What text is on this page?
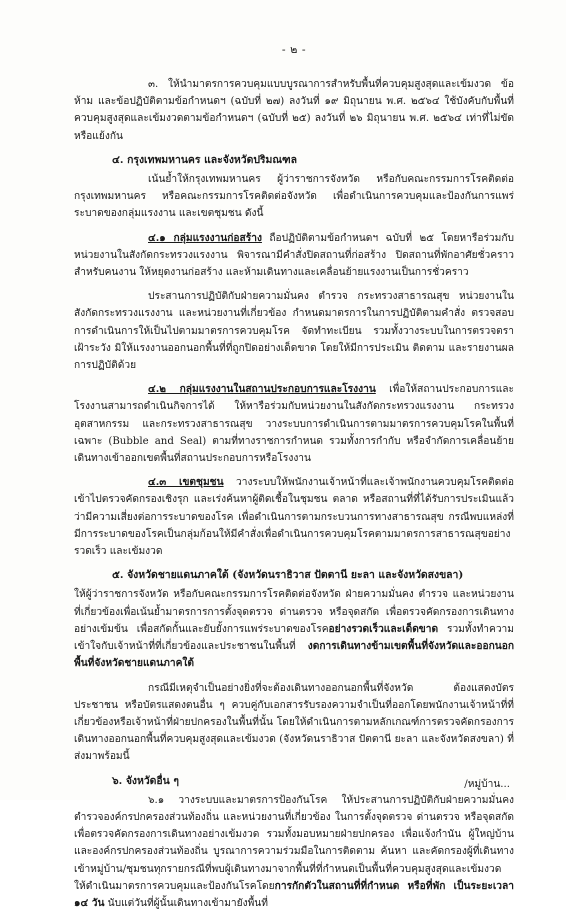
- ๒ -

๓. ให้นำมาตรการควบคุมแบบบูรณาการสำหรับพื้นที่ควบคุมสูงสุดและเข้มงวด ข้อห้าม และข้อปฏิบัติตามข้อกำหนดฯ (ฉบับที่ ๒๗) ลงวันที่ ๑๙ มิถุนายน พ.ศ. ๒๕๖๔ ใช้บังคับกับพื้นที่ควบคุมสูงสุดและเข้มงวดตามข้อกำหนดฯ (ฉบับที่ ๒๕) ลงวันที่ ๒๖ มิถุนายน พ.ศ. ๒๕๖๔ เท่าที่ไม่ขัดหรือแย้งกัน

๔. กรุงเทพมหานคร และจังหวัดปริมณฑล

เน้นย้ำให้กรุงเทพมหานคร ผู้ว่าราชการจังหวัด หรือกับคณะกรรมการโรคติดต่อกรุงเทพมหานคร หรือคณะกรรมการโรคติดต่อจังหวัด เพื่อดำเนินการควบคุมและป้องกันการแพร่ระบาดของกลุ่มแรงงาน และเขตชุมชน ดังนี้

๔.๑ กลุ่มแรงงานก่อสร้าง ถือปฏิบัติตามข้อกำหนดฯ ฉบับที่ ๒๕ โดยหารือร่วมกับหน่วยงานในสังกัดกระทรวงแรงงาน พิจารณามีคำสั่งปิดสถานที่ก่อสร้าง ปิดสถานที่พักอาศัยชั่วคราวสำหรับคนงาน ให้หยุดงานก่อสร้าง และห้ามเดินทางและเคลื่อนย้ายแรงงานเป็นการชั่วคราว

ประสานการปฏิบัติกับฝ่ายความมั่นคง ตำรวจ กระทรวงสาธารณสุข หน่วยงานในสังกัดกระทรวงแรงงาน และหน่วยงานที่เกี่ยวข้อง กำหนดมาตรการในการปฏิบัติตามคำสั่ง ตรวจสอบการดำเนินการให้เป็นไปตามมาตรการควบคุมโรค จัดทำทะเบียน รวมทั้งวางระบบในการตรวจตรา เฝ้าระวัง มิให้แรงงานออกนอกพื้นที่ที่ถูกปิดอย่างเด็ดขาด โดยให้มีการประเมิน ติดตาม และรายงานผลการปฏิบัติด้วย

๔.๒ กลุ่มแรงงานในสถานประกอบการและโรงงาน เพื่อให้สถานประกอบการและโรงงานสามารถดำเนินกิจการได้ ให้หารือร่วมกับหน่วยงานในสังกัดกระทรวงแรงงาน กระทรวงอุตสาหกรรม และกระทรวงสาธารณสุข วางระบบการดำเนินการตามมาตรการควบคุมโรคในพื้นที่เฉพาะ (Bubble and Seal) ตามที่ทางราชการกำหนด รวมทั้งการกำกับ หรือจำกัดการเคลื่อนย้ายเดินทางเข้าออกเขตพื้นที่สถานประกอบการหรือโรงงาน

๔.๓ เขตชุมชน วางระบบให้พนักงานเจ้าหน้าที่และเจ้าพนักงานควบคุมโรคติดต่อเข้าไปตรวจคัดกรองเชิงรุก และเร่งค้นหาผู้ติดเชื้อในชุมชน ตลาด หรือสถานที่ที่ได้รับการประเมินแล้วว่ามีความเสี่ยงต่อการระบาดของโรค เพื่อดำเนินการตามกระบวนการทางสาธารณสุข กรณีพบแหล่งที่มีการระบาดของโรคเป็นกลุ่มก้อนให้มีคำสั่งเพื่อดำเนินการควบคุมโรคตามมาตรการสาธารณสุขอย่างรวดเร็ว และเข้มงวด

๕. จังหวัดชายแดนภาคใต้ (จังหวัดนราธิวาส ปัตตานี ยะลา และจังหวัดสงขลา)

ให้ผู้ว่าราชการจังหวัด หรือกับคณะกรรมการโรคติดต่อจังหวัด ฝ่ายความมั่นคง ตำรวจ และหน่วยงานที่เกี่ยวข้องเพื่อเน้นย้ำมาตรการการตั้งจุดตรวจ ด่านตรวจ หรือจุดสกัด เพื่อตรวจคัดกรองการเดินทางอย่างเข้มข้น เพื่อสกัดกั้นและยับยั้งการแพร่ระบาดของโรคอย่างรวดเร็วและเด็ดขาด รวมทั้งทำความเข้าใจกับเจ้าหน้าที่ที่เกี่ยวข้องและประชาชนในพื้นที่ งดการเดินทางข้ามเขตพื้นที่จังหวัดและออกนอกพื้นที่จังหวัดชายแดนภาคใต้

กรณีมีเหตุจำเป็นอย่างยิ่งที่จะต้องเดินทางออกนอกพื้นที่จังหวัด ต้องแสดงบัตรประชาชน หรือบัตรแสดงตนอื่น ๆ ควบคู่กับเอกสารรับรองความจำเป็นที่ออกโดยพนักงานเจ้าหน้าที่ที่เกี่ยวข้องหรือเจ้าหน้าที่ฝ่ายปกครองในพื้นที่นั้น โดยให้ดำเนินการตามหลักเกณฑ์การตรวจคัดกรองการเดินทางออกนอกพื้นที่ควบคุมสูงสุดและเข้มงวด (จังหวัดนราธิวาส ปัตตานี ยะลา และจังหวัดสงขลา) ที่ส่งมาพร้อมนี้

๖. จังหวัดอื่น ๆ

๖.๑ วางระบบและมาตรการป้องกันโรค ให้ประสานการปฏิบัติกับฝ่ายความมั่นคง ตำรวจองค์กรปกครองส่วนท้องถิ่น และหน่วยงานที่เกี่ยวข้อง ในการตั้งจุดตรวจ ด่านตรวจ หรือจุดสกัด เพื่อตรวจคัดกรองการเดินทางอย่างเข้มงวด รวมทั้งมอบหมายฝ่ายปกครอง เพื่อแจ้งกำนัน ผู้ใหญ่บ้าน และองค์กรปกครองส่วนท้องถิ่น บูรณาการความร่วมมือในการติดตาม ค้นหา และคัดกรองผู้ที่เดินทางเข้าหมู่บ้าน/ชุมชนทุกรายกรณีที่พบผู้เดินทางมาจากพื้นที่ที่กำหนดเป็นพื้นที่ควบคุมสูงสุดและเข้มงวด ให้ดำเนินมาตรการควบคุมและป้องกันโรคโดยการกักตัวในสถานที่ที่กำหนด หรือที่พัก เป็นระยะเวลา ๑๔ วัน นับแต่วันที่ผู้นั้นเดินทางเข้ามายังพื้นที่

/หมู่บ้าน...
